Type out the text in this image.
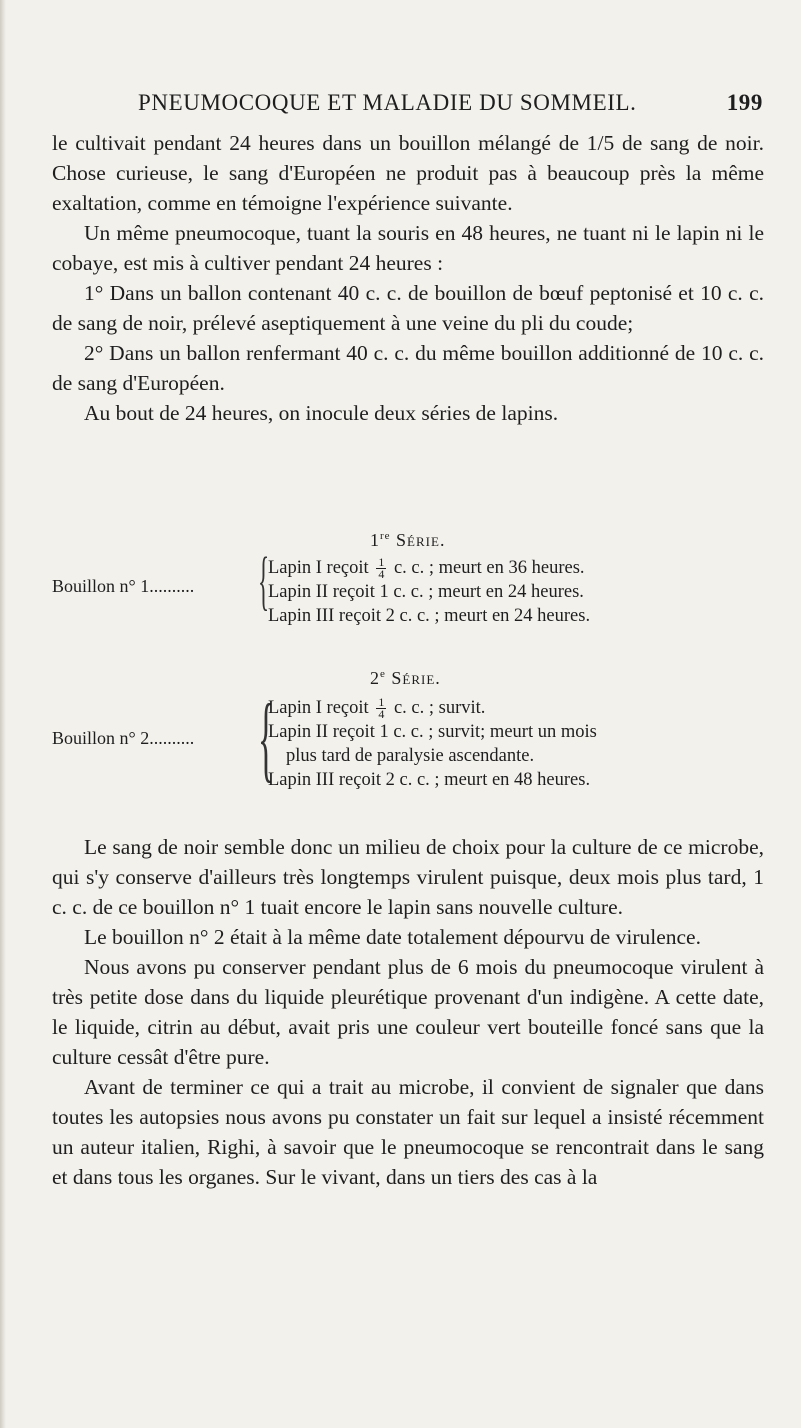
PNEUMOCOQUE ET MALADIE DU SOMMEIL.	199

le cultivait pendant 24 heures dans un bouillon mélangé de 1/5 de sang de noir. Chose curieuse, le sang d'Européen ne produit pas à beaucoup près la même exaltation, comme en témoigne l'expérience suivante.

Un même pneumocoque, tuant la souris en 48 heures, ne tuant ni le lapin ni le cobaye, est mis à cultiver pendant 24 heures :

1° Dans un ballon contenant 40 c. c. de bouillon de bœuf peptonisé et 10 c. c. de sang de noir, prélevé aseptiquement à une veine du pli du coude;

2° Dans un ballon renfermant 40 c. c. du même bouillon additionné de 10 c. c. de sang d'Européen.

Au bout de 24 heures, on inocule deux séries de lapins.

1re Série.
Bouillon n° 1.......... {
Lapin I reçoit $\frac{1}{4} c$. c. ; meurt en 36 heures.
Lapin II reçoit 1 c. c. ; meurt en 24 heures.
Lapin III reçoit 2 c. c. ; meurt en 24 heures.
2e Série.
Bouillon n° 2.......... {
Lapin I reçoit $\frac{1}{4} c$. c. ; survit.
Lapin II reçoit 1 c. c. ; survit; meurt un mois
plus tard de paralysie ascendante.
Lapin III reçoit 2 c. c. ; meurt en 48 heures.

Le sang de noir semble donc un milieu de choix pour la culture de ce microbe, qui s'y conserve d'ailleurs très longtemps virulent puisque, deux mois plus tard, 1 c. c. de ce bouillon n° 1 tuait encore le lapin sans nouvelle culture.

Le bouillon n° 2 était à la même date totalement dépourvu de virulence.

Nous avons pu conserver pendant plus de 6 mois du pneumocoque virulent à très petite dose dans du liquide pleurétique provenant d'un indigène. A cette date, le liquide, citrin au début, avait pris une couleur vert bouteille foncé sans que la culture cessât d'être pure.

Avant de terminer ce qui a trait au microbe, il convient de signaler que dans toutes les autopsies nous avons pu constater un fait sur lequel a insisté récemment un auteur italien, Righi, à savoir que le pneumocoque se rencontrait dans le sang et dans tous les organes. Sur le vivant, dans un tiers des cas à la
